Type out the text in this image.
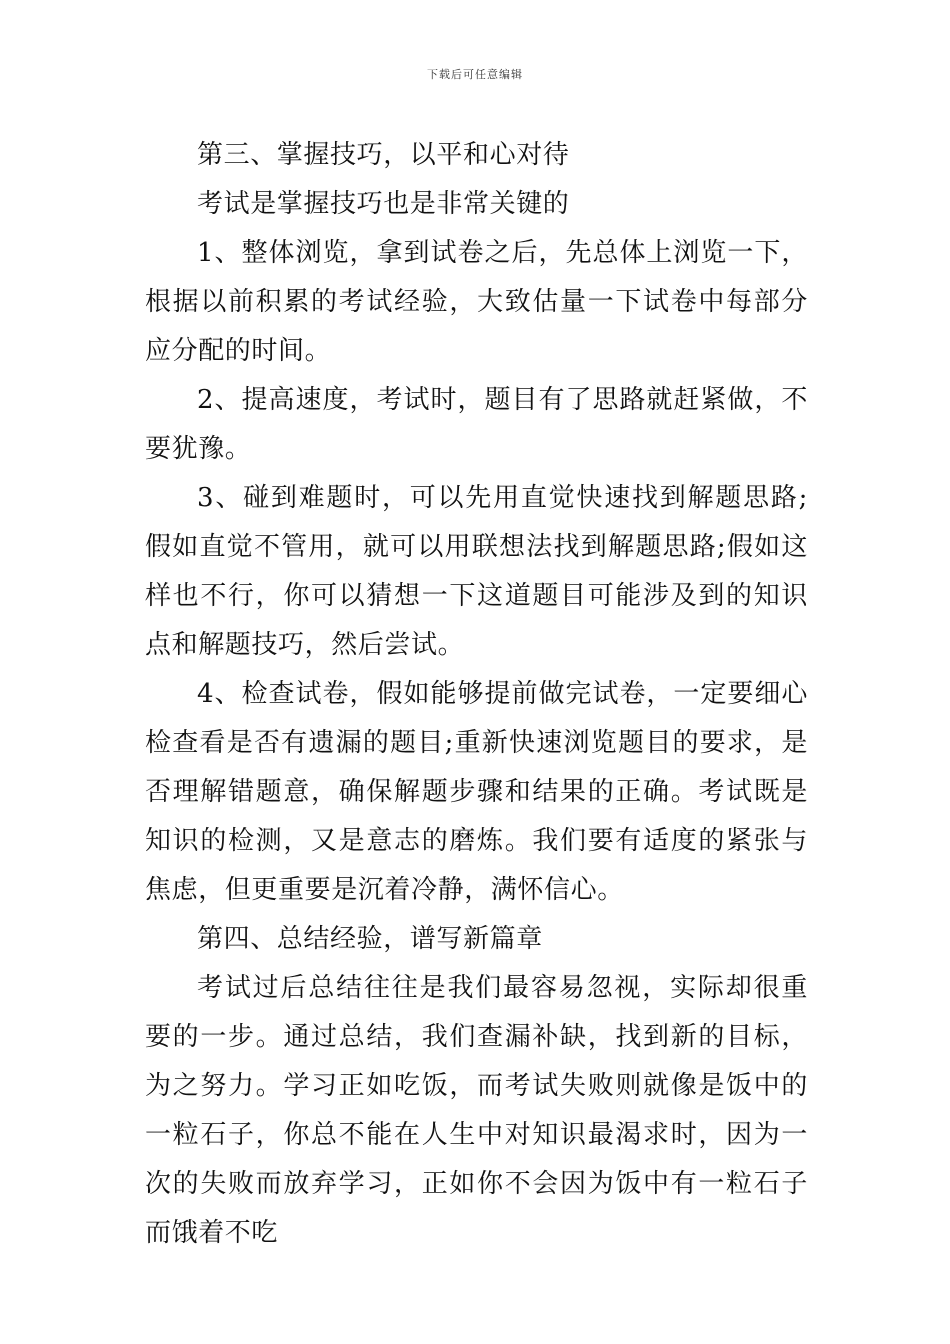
下载后可任意编辑

第三、掌握技巧，以平和心对待

考试是掌握技巧也是非常关键的

1、整体浏览，拿到试卷之后，先总体上浏览一下，根据以前积累的考试经验，大致估量一下试卷中每部分应分配的时间。

2、提高速度，考试时，题目有了思路就赶紧做，不要犹豫。

3、碰到难题时，可以先用直觉快速找到解题思路;假如直觉不管用，就可以用联想法找到解题思路;假如这样也不行，你可以猜想一下这道题目可能涉及到的知识点和解题技巧，然后尝试。

4、检查试卷，假如能够提前做完试卷，一定要细心检查看是否有遗漏的题目;重新快速浏览题目的要求，是否理解错题意，确保解题步骤和结果的正确。考试既是知识的检测，又是意志的磨炼。我们要有适度的紧张与焦虑，但更重要是沉着冷静，满怀信心。

第四、总结经验，谱写新篇章

考试过后总结往往是我们最容易忽视，实际却很重要的一步。通过总结，我们查漏补缺，找到新的目标，为之努力。学习正如吃饭，而考试失败则就像是饭中的一粒石子，你总不能在人生中对知识最渴求时，因为一次的失败而放弃学习，正如你不会因为饭中有一粒石子而饿着不吃
